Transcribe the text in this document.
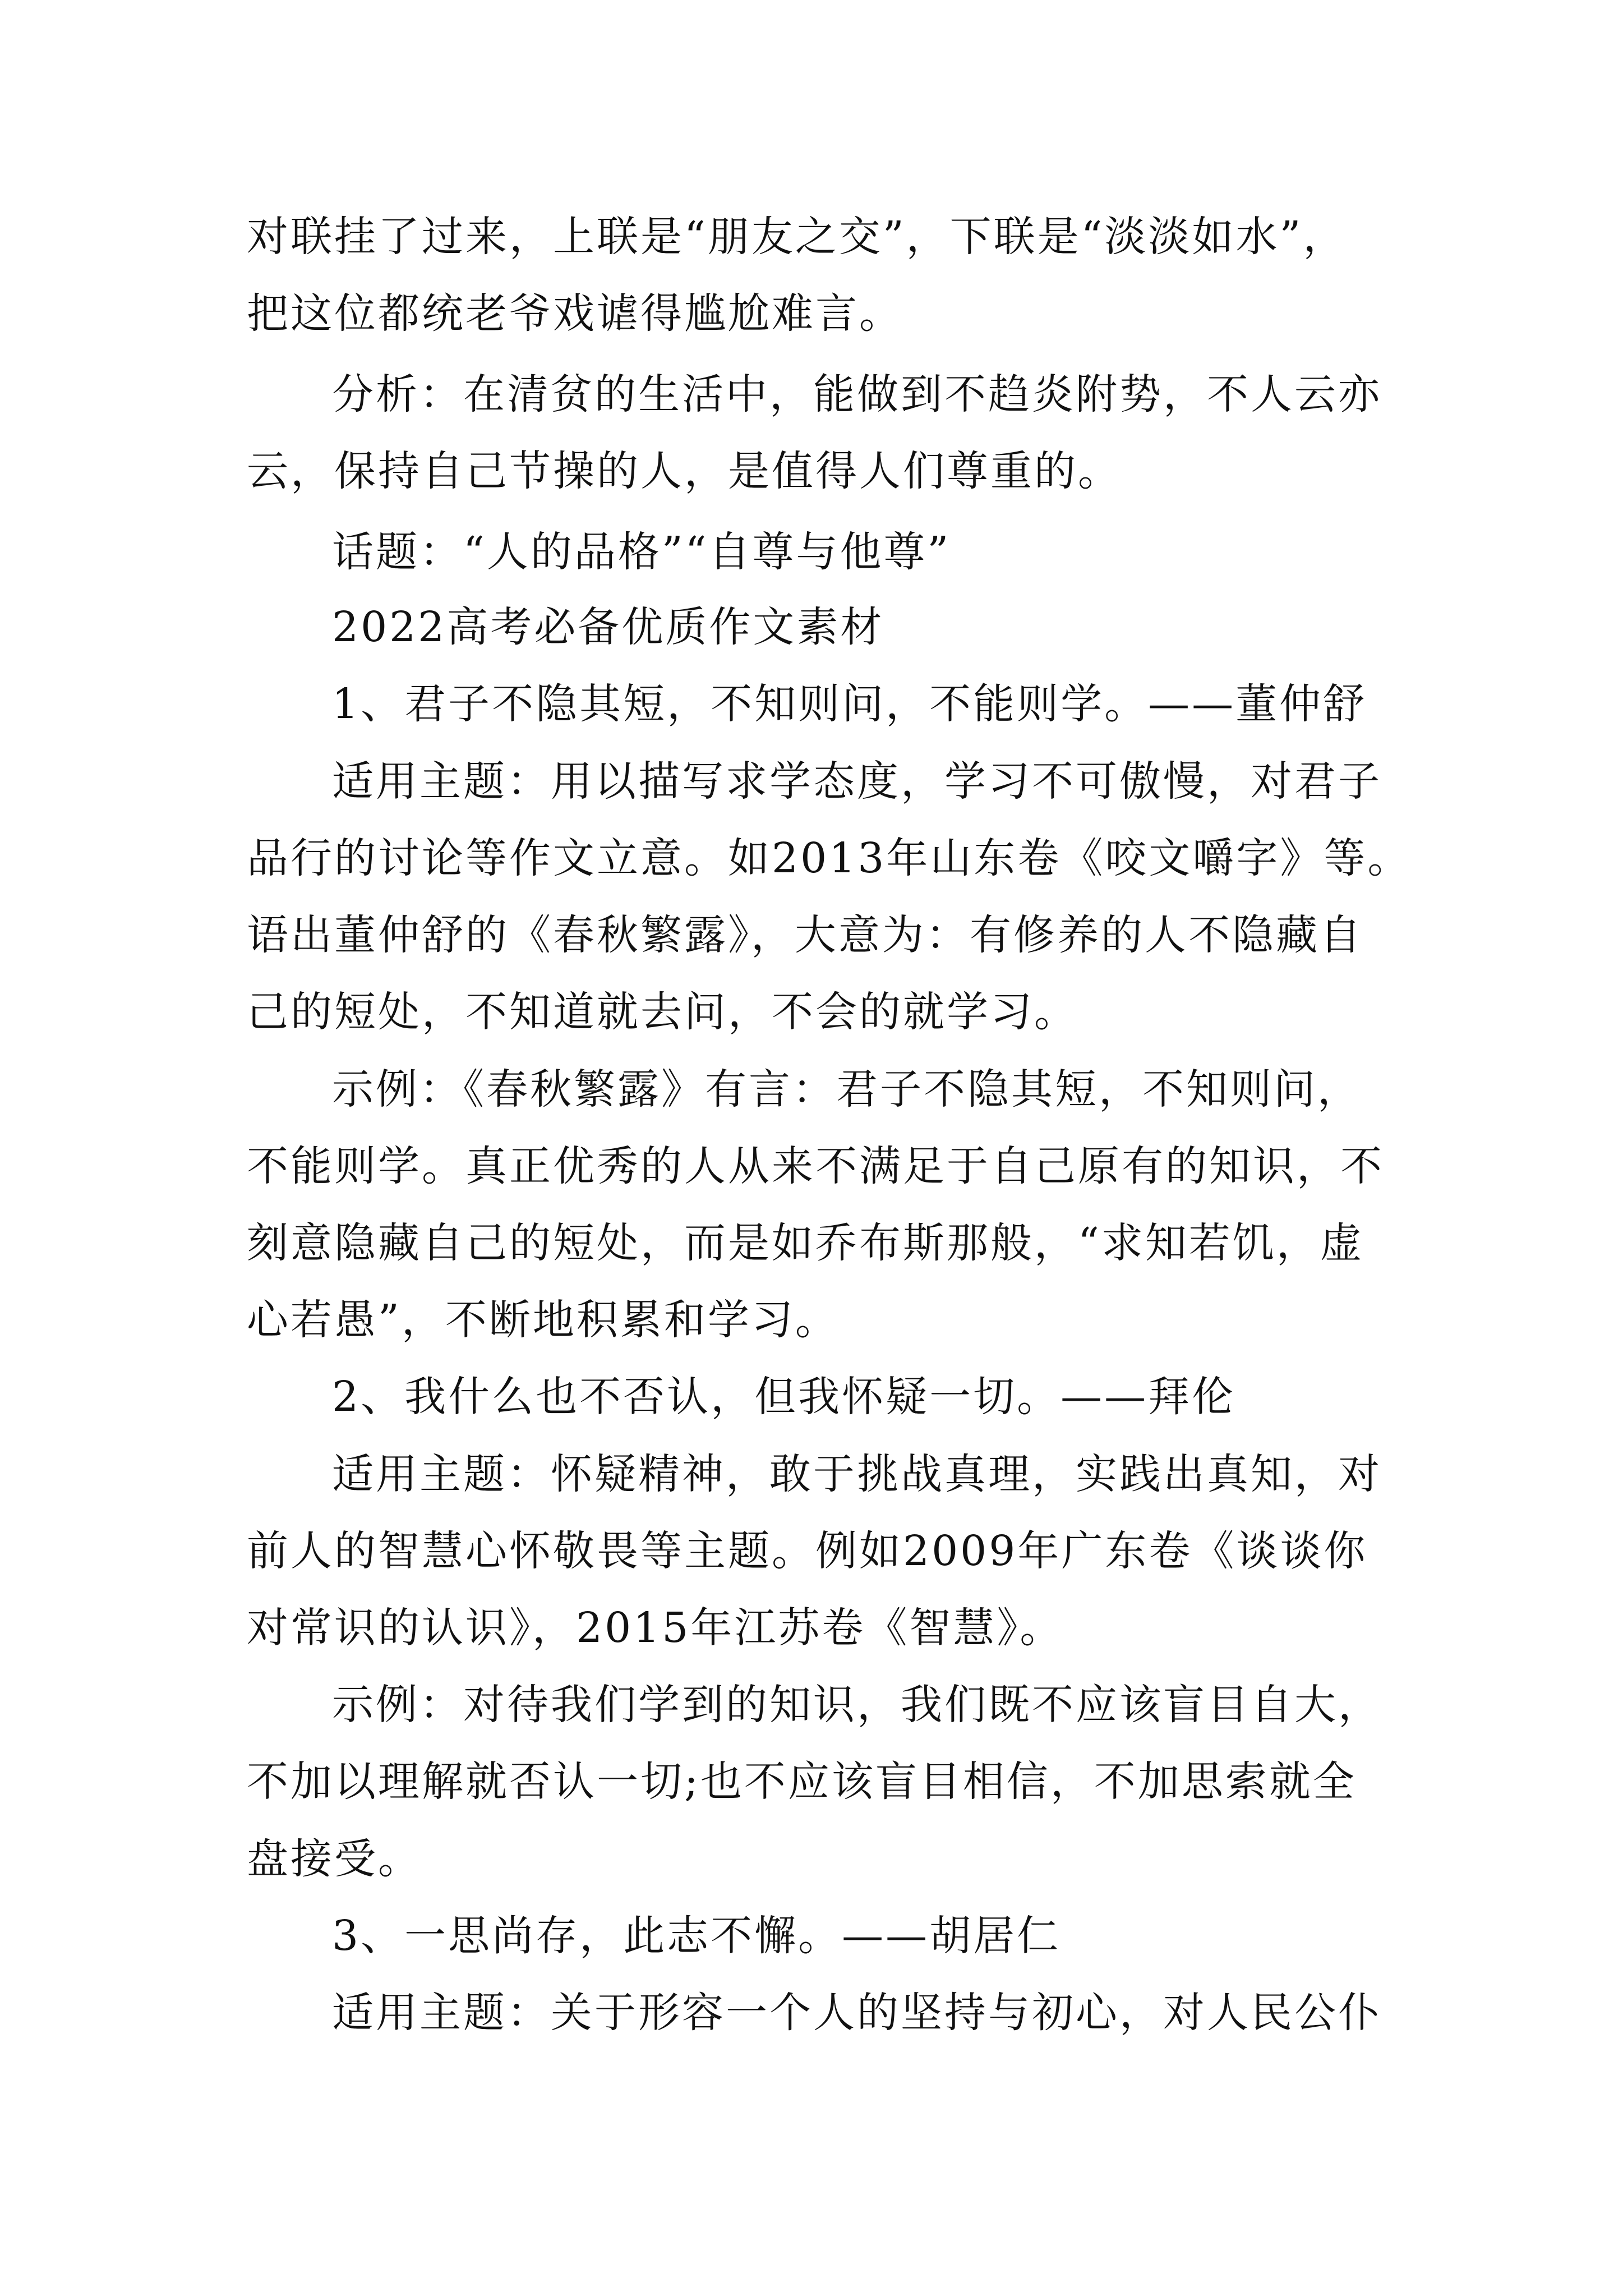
对联挂了过来，上联是“朋友之交”，下联是“淡淡如水”，
把这位都统老爷戏谑得尴尬难言。
分析：在清贫的生活中，能做到不趋炎附势，不人云亦
云，保持自己节操的人，是值得人们尊重的。
话题：“人的品格”“自尊与他尊”
2022高考必备优质作文素材
1、君子不隐其短，不知则问，不能则学。——董仲舒
适用主题：用以描写求学态度，学习不可傲慢，对君子
品行的讨论等作文立意。如2013年山东卷《咬文嚼字》等。
语出董仲舒的《春秋繁露》，大意为：有修养的人不隐藏自
己的短处，不知道就去问，不会的就学习。
示例：《春秋繁露》有言：君子不隐其短，不知则问，
不能则学。真正优秀的人从来不满足于自己原有的知识，不
刻意隐藏自己的短处，而是如乔布斯那般，“求知若饥，虚
心若愚”，不断地积累和学习。
2、我什么也不否认，但我怀疑一切。——拜伦
适用主题：怀疑精神，敢于挑战真理，实践出真知，对
前人的智慧心怀敬畏等主题。例如2009年广东卷《谈谈你
对常识的认识》，2015年江苏卷《智慧》。
示例：对待我们学到的知识，我们既不应该盲目自大，
不加以理解就否认一切;也不应该盲目相信，不加思索就全
盘接受。
3、一思尚存，此志不懈。——胡居仁
适用主题：关于形容一个人的坚持与初心，对人民公仆
